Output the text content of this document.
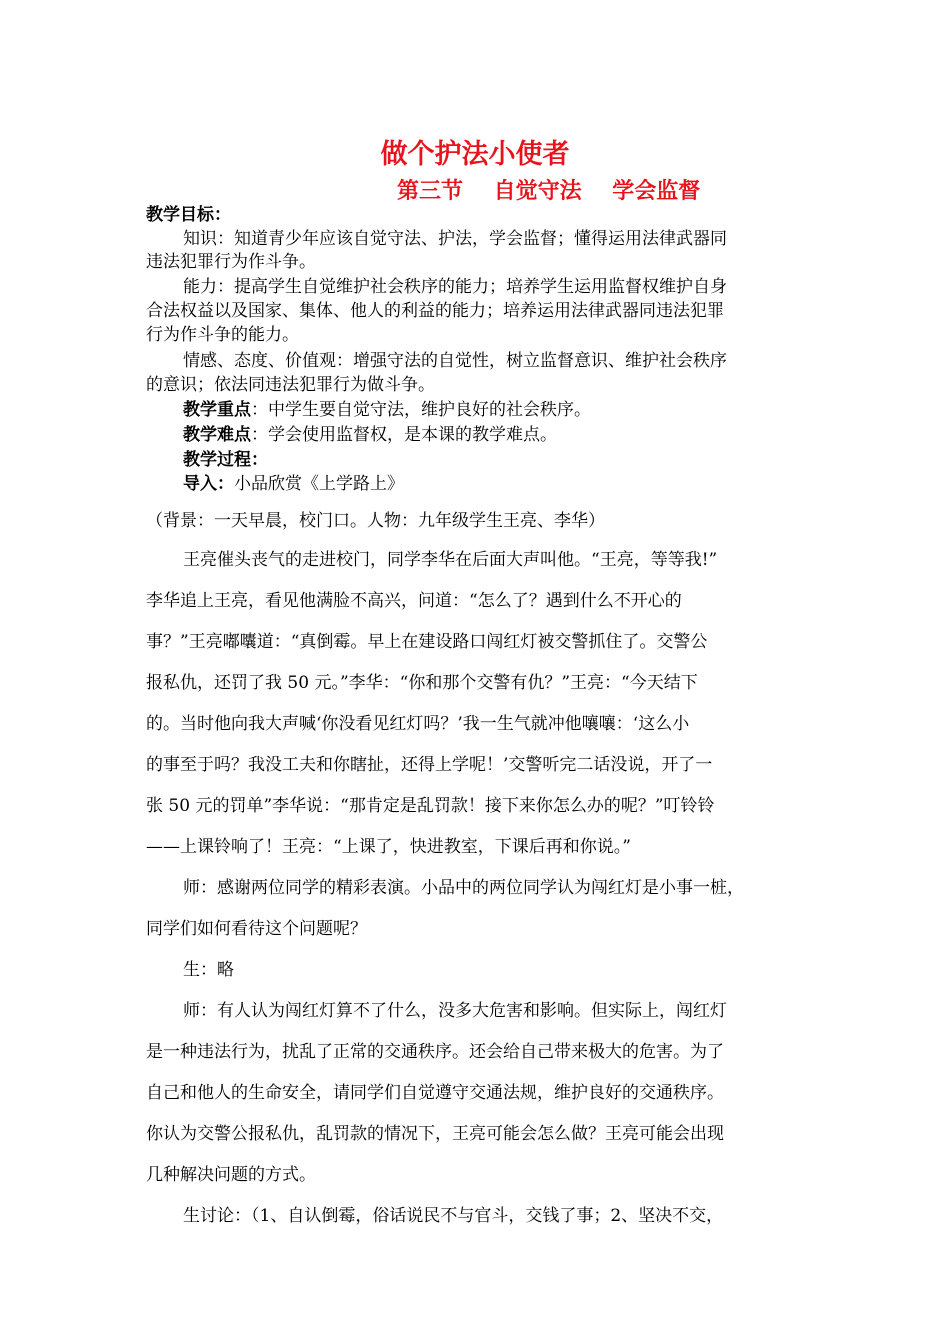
做个护法小使者
第三节    自觉守法    学会监督
教学目标：
知识：知道青少年应该自觉守法、护法，学会监督；懂得运用法律武器同
违法犯罪行为作斗争。
能力：提高学生自觉维护社会秩序的能力；培养学生运用监督权维护自身
合法权益以及国家、集体、他人的利益的能力；培养运用法律武器同违法犯罪
行为作斗争的能力。
情感、态度、价值观：增强守法的自觉性，树立监督意识、维护社会秩序
的意识；依法同违法犯罪行为做斗争。
教学重点：中学生要自觉守法，维护良好的社会秩序。
教学难点：学会使用监督权，是本课的教学难点。
教学过程：
导入：小品欣赏《上学路上》
（背景：一天早晨，校门口。人物：九年级学生王亮、李华）
王亮催头丧气的走进校门，同学李华在后面大声叫他。“王亮，等等我!”
李华追上王亮，看见他满脸不高兴，问道：“怎么了？遇到什么不开心的
事？”王亮嘟囔道：“真倒霉。早上在建设路口闯红灯被交警抓住了。交警公
报私仇，还罚了我 50 元。”李华：“你和那个交警有仇？”王亮：“今天结下
的。当时他向我大声喊‘你没看见红灯吗？’我一生气就冲他嚷嚷：‘这么小
的事至于吗？我没工夫和你瞎扯，还得上学呢！’交警听完二话没说，开了一
张 50 元的罚单”李华说：“那肯定是乱罚款！接下来你怎么办的呢？”叮铃铃
——上课铃响了！王亮：“上课了，快进教室，下课后再和你说。”
师：感谢两位同学的精彩表演。小品中的两位同学认为闯红灯是小事一桩，
同学们如何看待这个问题呢？
生：略
师：有人认为闯红灯算不了什么，没多大危害和影响。但实际上，闯红灯
是一种违法行为，扰乱了正常的交通秩序。还会给自己带来极大的危害。为了
自己和他人的生命安全，请同学们自觉遵守交通法规，维护良好的交通秩序。
你认为交警公报私仇，乱罚款的情况下，王亮可能会怎么做？王亮可能会出现
几种解决问题的方式。
生讨论：（1、自认倒霉，俗话说民不与官斗，交钱了事；2、坚决不交，
